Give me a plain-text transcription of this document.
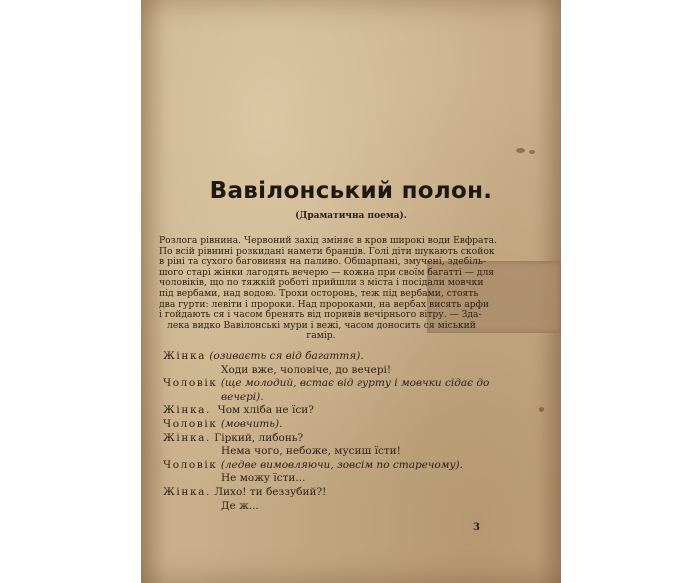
Вавілонський полон.
(Драматична поема).
Розлога рівнина. Червоний захід зміняє в кров широкі води Евфрата.
По всій рівнині розкидані намети бранців. Голі діти шукають скойок
в ріні та сухого баговиння на паливо. Обшарпані, змучені, здебіль-
шого старі жінки лагодять вечерю — кожна при своїм багатті — для
чоловіків, що по тяжкій роботі прийшли з міста і посідали мовчки
під вербами, над водою. Трохи осторонь, теж під вербами, стоять
два гурти: левіти і пророки. Над пророками, на вербах висять арфи
і гойдають ся і часом бренять від поривів вечірнього вітру. — Зда-
лека видко Вавілонські мури і вежі, часом доносить ся міський
гамір.
Жінка (озиваєть ся від багаття).
Ходи вже, чоловіче, до вечері!
Чоловік (ще молодий, встає від гурту і мовчки сідає до
вечері).
Жінка. Чом хліба не їси?
Чоловік (мовчить).
Жінка. Гіркий, либонь?
Нема чого, небоже, мусиш їсти!
Чоловік (ледве вимовляючи, зовсім по старечому).
Не можу їсти...
Жінка. Лихо! ти беззубий?!
Де ж...
3
